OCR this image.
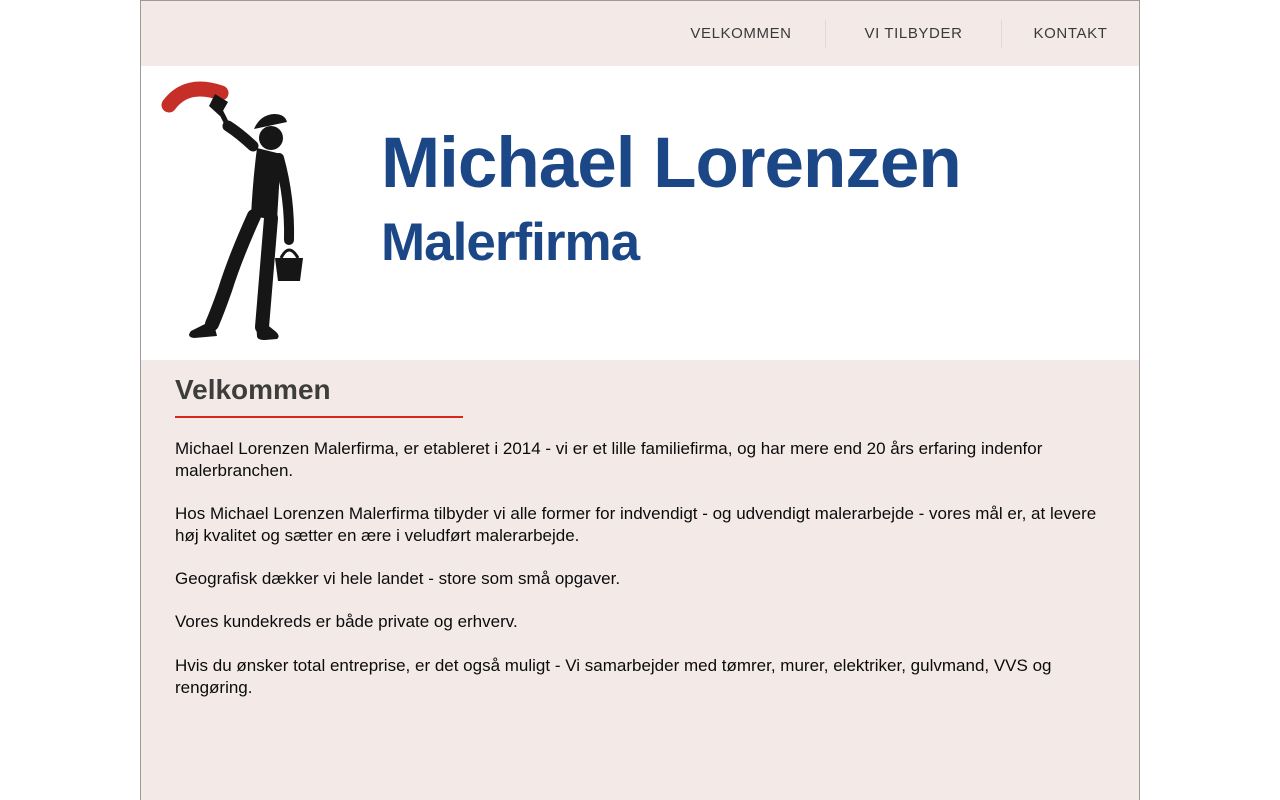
VELKOMMEN	VI TILBYDER	KONTAKT
Michael Lorenzen
Malerfirma
Velkommen

Michael Lorenzen Malerfirma, er etableret i 2014 - vi er et lille familiefirma, og har mere end 20 års erfaring indenfor malerbranchen.

Hos Michael Lorenzen Malerfirma tilbyder vi alle former for indvendigt - og udvendigt malerarbejde - vores mål er, at levere høj kvalitet og sætter en ære i veludført malerarbejde.

Geografisk dækker vi hele landet - store som små opgaver.

Vores kundekreds er både private og erhverv.

Hvis du ønsker total entreprise, er det også muligt - Vi samarbejder med tømrer, murer, elektriker, gulvmand, VVS og rengøring.
